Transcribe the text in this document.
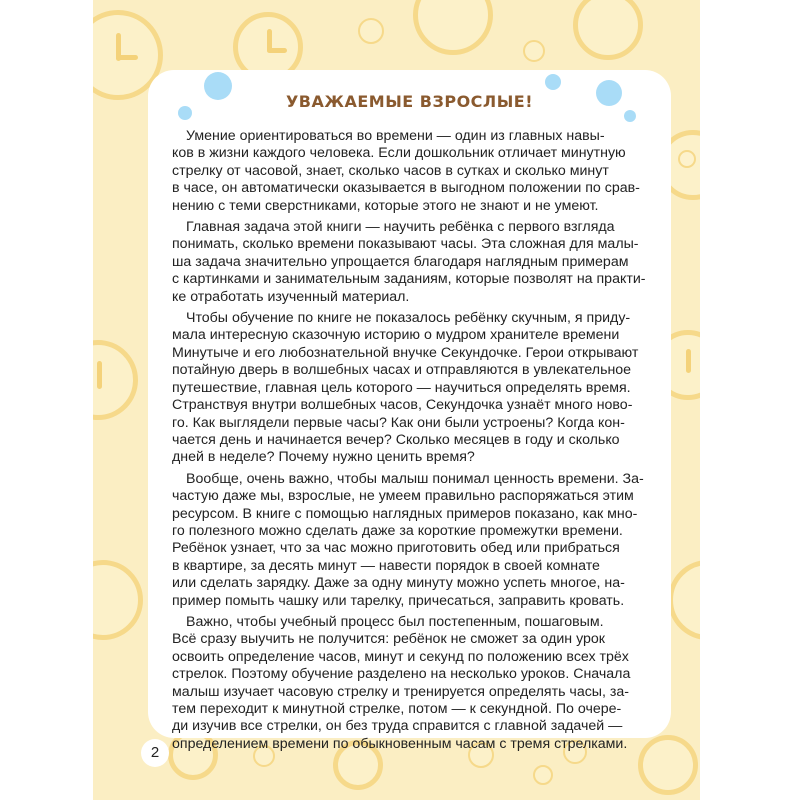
УВАЖАЕМЫЕ ВЗРОСЛЫЕ!

Умение ориентироваться во времени — один из главных навы-
ков в жизни каждого человека. Если дошкольник отличает минутную
стрелку от часовой, знает, сколько часов в сутках и сколько минут
в часе, он автоматически оказывается в выгодном положении по срав-
нению с теми сверстниками, которые этого не знают и не умеют.

Главная задача этой книги — научить ребёнка с первого взгляда
понимать, сколько времени показывают часы. Эта сложная для малы-
ша задача значительно упрощается благодаря наглядным примерам
с картинками и занимательным заданиям, которые позволят на практи-
ке отработать изученный материал.

Чтобы обучение по книге не показалось ребёнку скучным, я приду-
мала интересную сказочную историю о мудром хранителе времени
Минутыче и его любознательной внучке Секундочке. Герои открывают
потайную дверь в волшебных часах и отправляются в увлекательное
путешествие, главная цель которого — научиться определять время.
Странствуя внутри волшебных часов, Секундочка узнаёт много ново-
го. Как выглядели первые часы? Как они были устроены? Когда кон-
чается день и начинается вечер? Сколько месяцев в году и сколько
дней в неделе? Почему нужно ценить время?

Вообще, очень важно, чтобы малыш понимал ценность времени. За-
частую даже мы, взрослые, не умеем правильно распоряжаться этим
ресурсом. В книге с помощью наглядных примеров показано, как мно-
го полезного можно сделать даже за короткие промежутки времени.
Ребёнок узнает, что за час можно приготовить обед или прибраться
в квартире, за десять минут — навести порядок в своей комнате
или сделать зарядку. Даже за одну минуту можно успеть многое, на-
пример помыть чашку или тарелку, причесаться, заправить кровать.

Важно, чтобы учебный процесс был постепенным, пошаговым.
Всё сразу выучить не получится: ребёнок не сможет за один урок
освоить определение часов, минут и секунд по положению всех трёх
стрелок. Поэтому обучение разделено на несколько уроков. Сначала
малыш изучает часовую стрелку и тренируется определять часы, за-
тем переходит к минутной стрелке, потом — к секундной. По очере-
ди изучив все стрелки, он без труда справится с главной задачей —
определением времени по обыкновенным часам с тремя стрелками.

2
